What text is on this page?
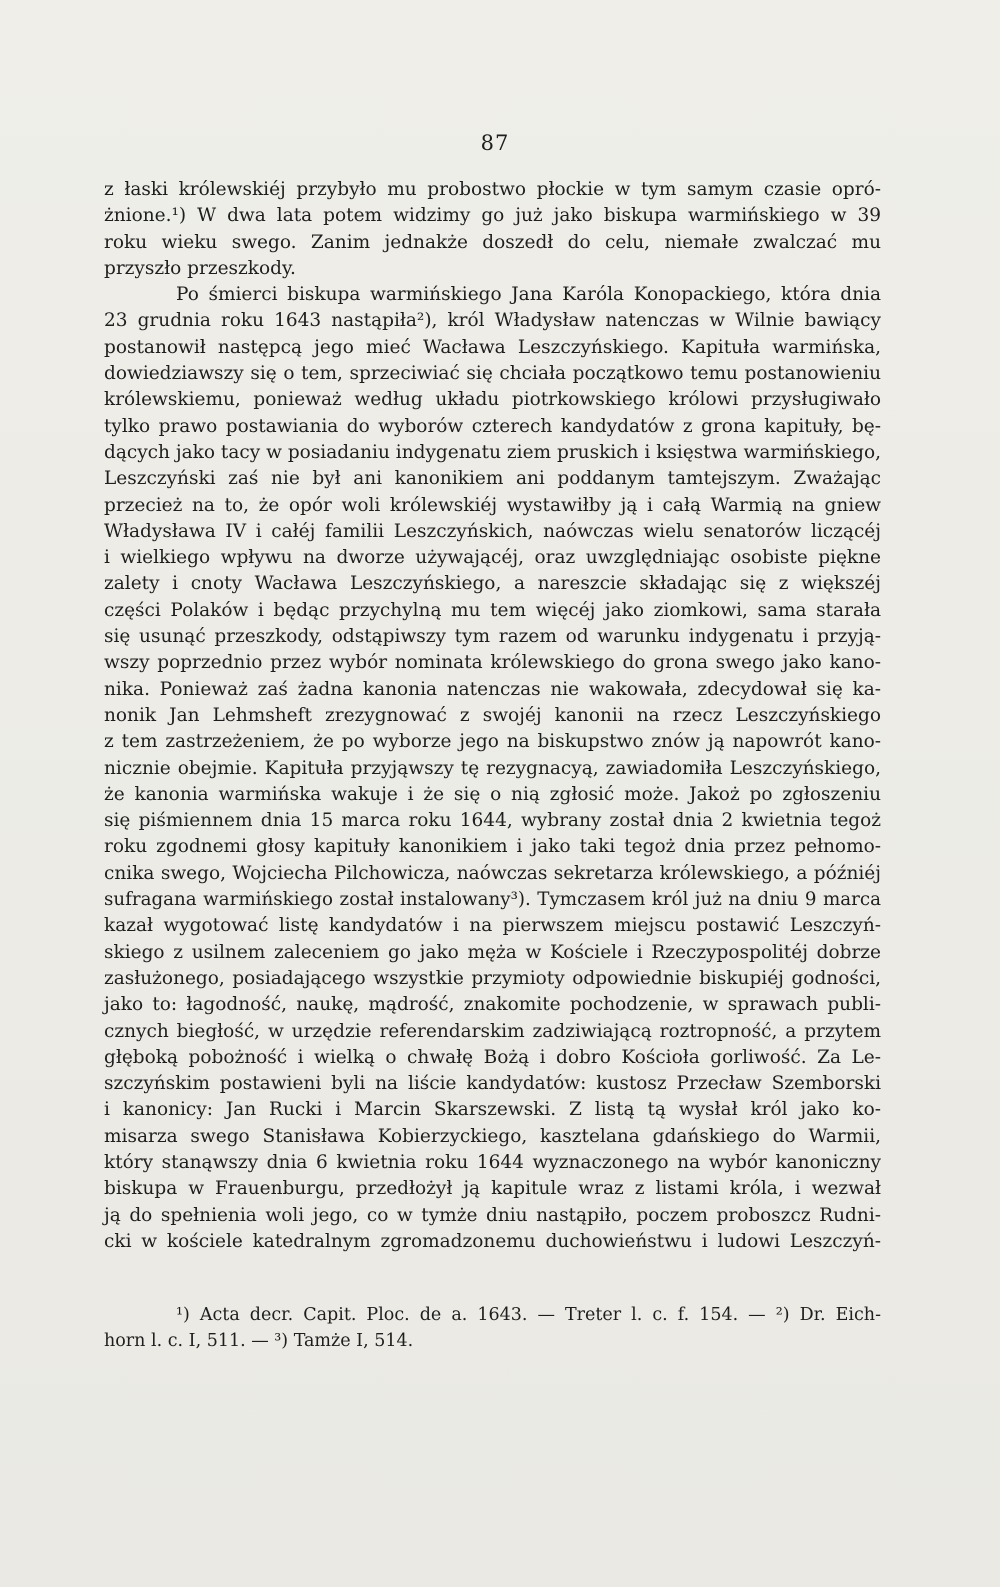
87
z łaski królewskiéj przybyło mu probostwo płockie w tym samym czasie opró-
żnione.¹) W dwa lata potem widzimy go już jako biskupa warmińskiego w 39
roku wieku swego. Zanim jednakże doszedł do celu, niemałe zwalczać mu
przyszło przeszkody.
Po śmierci biskupa warmińskiego Jana Karóla Konopackiego, która dnia
23 grudnia roku 1643 nastąpiła²), król Władysław natenczas w Wilnie bawiący
postanowił następcą jego mieć Wacława Leszczyńskiego. Kapituła warmińska,
dowiedziawszy się o tem, sprzeciwiać się chciała początkowo temu postanowieniu
królewskiemu, ponieważ według układu piotrkowskiego królowi przysługiwało
tylko prawo postawiania do wyborów czterech kandydatów z grona kapituły, bę-
dących jako tacy w posiadaniu indygenatu ziem pruskich i księstwa warmińskiego,
Leszczyński zaś nie był ani kanonikiem ani poddanym tamtejszym. Zważając
przecież na to, że opór woli królewskiéj wystawiłby ją i całą Warmią na gniew
Władysława IV i całéj familii Leszczyńskich, naówczas wielu senatorów liczącéj
i wielkiego wpływu na dworze używającéj, oraz uwzględniając osobiste piękne
zalety i cnoty Wacława Leszczyńskiego, a nareszcie składając się z większéj
części Polaków i będąc przychylną mu tem więcéj jako ziomkowi, sama starała
się usunąć przeszkody, odstąpiwszy tym razem od warunku indygenatu i przyją-
wszy poprzednio przez wybór nominata królewskiego do grona swego jako kano-
nika. Ponieważ zaś żadna kanonia natenczas nie wakowała, zdecydował się ka-
nonik Jan Lehmsheft zrezygnować z swojéj kanonii na rzecz Leszczyńskiego
z tem zastrzeżeniem, że po wyborze jego na biskupstwo znów ją napowrót kano-
nicznie obejmie. Kapituła przyjąwszy tę rezygnacyą, zawiadomiła Leszczyńskiego,
że kanonia warmińska wakuje i że się o nią zgłosić może. Jakoż po zgłoszeniu
się piśmiennem dnia 15 marca roku 1644, wybrany został dnia 2 kwietnia tegoż
roku zgodnemi głosy kapituły kanonikiem i jako taki tegoż dnia przez pełnomo-
cnika swego, Wojciecha Pilchowicza, naówczas sekretarza królewskiego, a późniéj
sufragana warmińskiego został instalowany³). Tymczasem król już na dniu 9 marca
kazał wygotować listę kandydatów i na pierwszem miejscu postawić Leszczyń-
skiego z usilnem zaleceniem go jako męża w Kościele i Rzeczypospolitéj dobrze
zasłużonego, posiadającego wszystkie przymioty odpowiednie biskupiéj godności,
jako to: łagodność, naukę, mądrość, znakomite pochodzenie, w sprawach publi-
cznych biegłość, w urzędzie referendarskim zadziwiającą roztropność, a przytem
głęboką pobożność i wielką o chwałę Bożą i dobro Kościoła gorliwość. Za Le-
szczyńskim postawieni byli na liście kandydatów: kustosz Przecław Szemborski
i kanonicy: Jan Rucki i Marcin Skarszewski. Z listą tą wysłał król jako ko-
misarza swego Stanisława Kobierzyckiego, kasztelana gdańskiego do Warmii,
który stanąwszy dnia 6 kwietnia roku 1644 wyznaczonego na wybór kanoniczny
biskupa w Frauenburgu, przedłożył ją kapitule wraz z listami króla, i wezwał
ją do spełnienia woli jego, co w tymże dniu nastąpiło, poczem proboszcz Rudni-
cki w kościele katedralnym zgromadzonemu duchowieństwu i ludowi Leszczyń-
¹) Acta decr. Capit. Ploc. de a. 1643. — Treter l. c. f. 154. — ²) Dr. Eich-
horn l. c. I, 511. — ³) Tamże I, 514.
